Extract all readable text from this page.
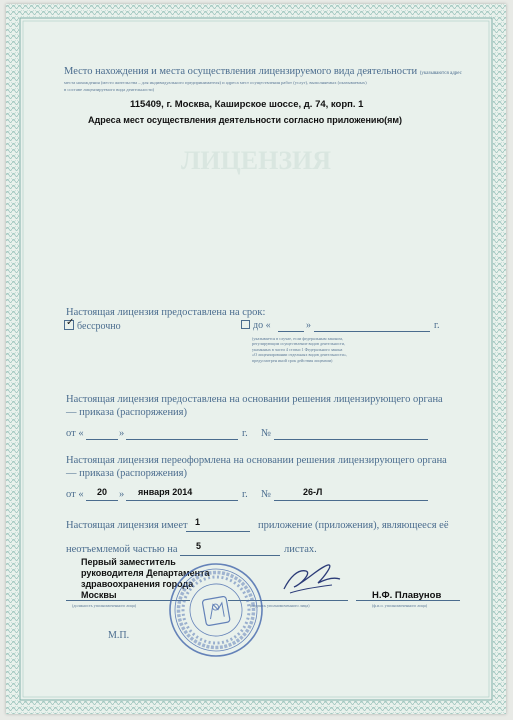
ЛИЦЕНЗИЯ
Место нахождения и места осуществления лицензируемого вида деятельности (указываются адрес
места нахождения (место жительства – для индивидуального предпринимателя) и адреса мест осуществления работ (услуг), выполняемых (оказываемых)
в составе лицензируемого вида деятельности)
115409, г. Москва, Каширское шоссе, д. 74, корп. 1
Адреса мест осуществления деятельности согласно приложению(ям)
Настоящая лицензия предоставлена на срок:
✓ бессрочно	до «	»	г.
(указывается в случае, если федеральным законом,
регулирующим осуществление видов деятельности,
указанных в части 4 статьи 1 Федерального закона
«О лицензировании отдельных видов деятельности»,
предусмотрен иной срок действия лицензии)
Настоящая лицензия предоставлена на основании решения лицензирующего органа
— приказа (распоряжения)
от «	»	г. №
Настоящая лицензия переоформлена на основании решения лицензирующего органа
— приказа (распоряжения)
от « 20 » января 2014	г. №	26-Л
Настоящая лицензия имеет 1	приложение (приложения), являющееся её
неотъемлемой частью на 5	листах.
Первый заместитель
руководителя Департамента
здравоохранения города
Москвы
(должность уполномоченного лица)	(подпись уполномоченного лица)
Н.Ф. Плавунов
(ф.и.о. уполномоченного лица)
М.П.
